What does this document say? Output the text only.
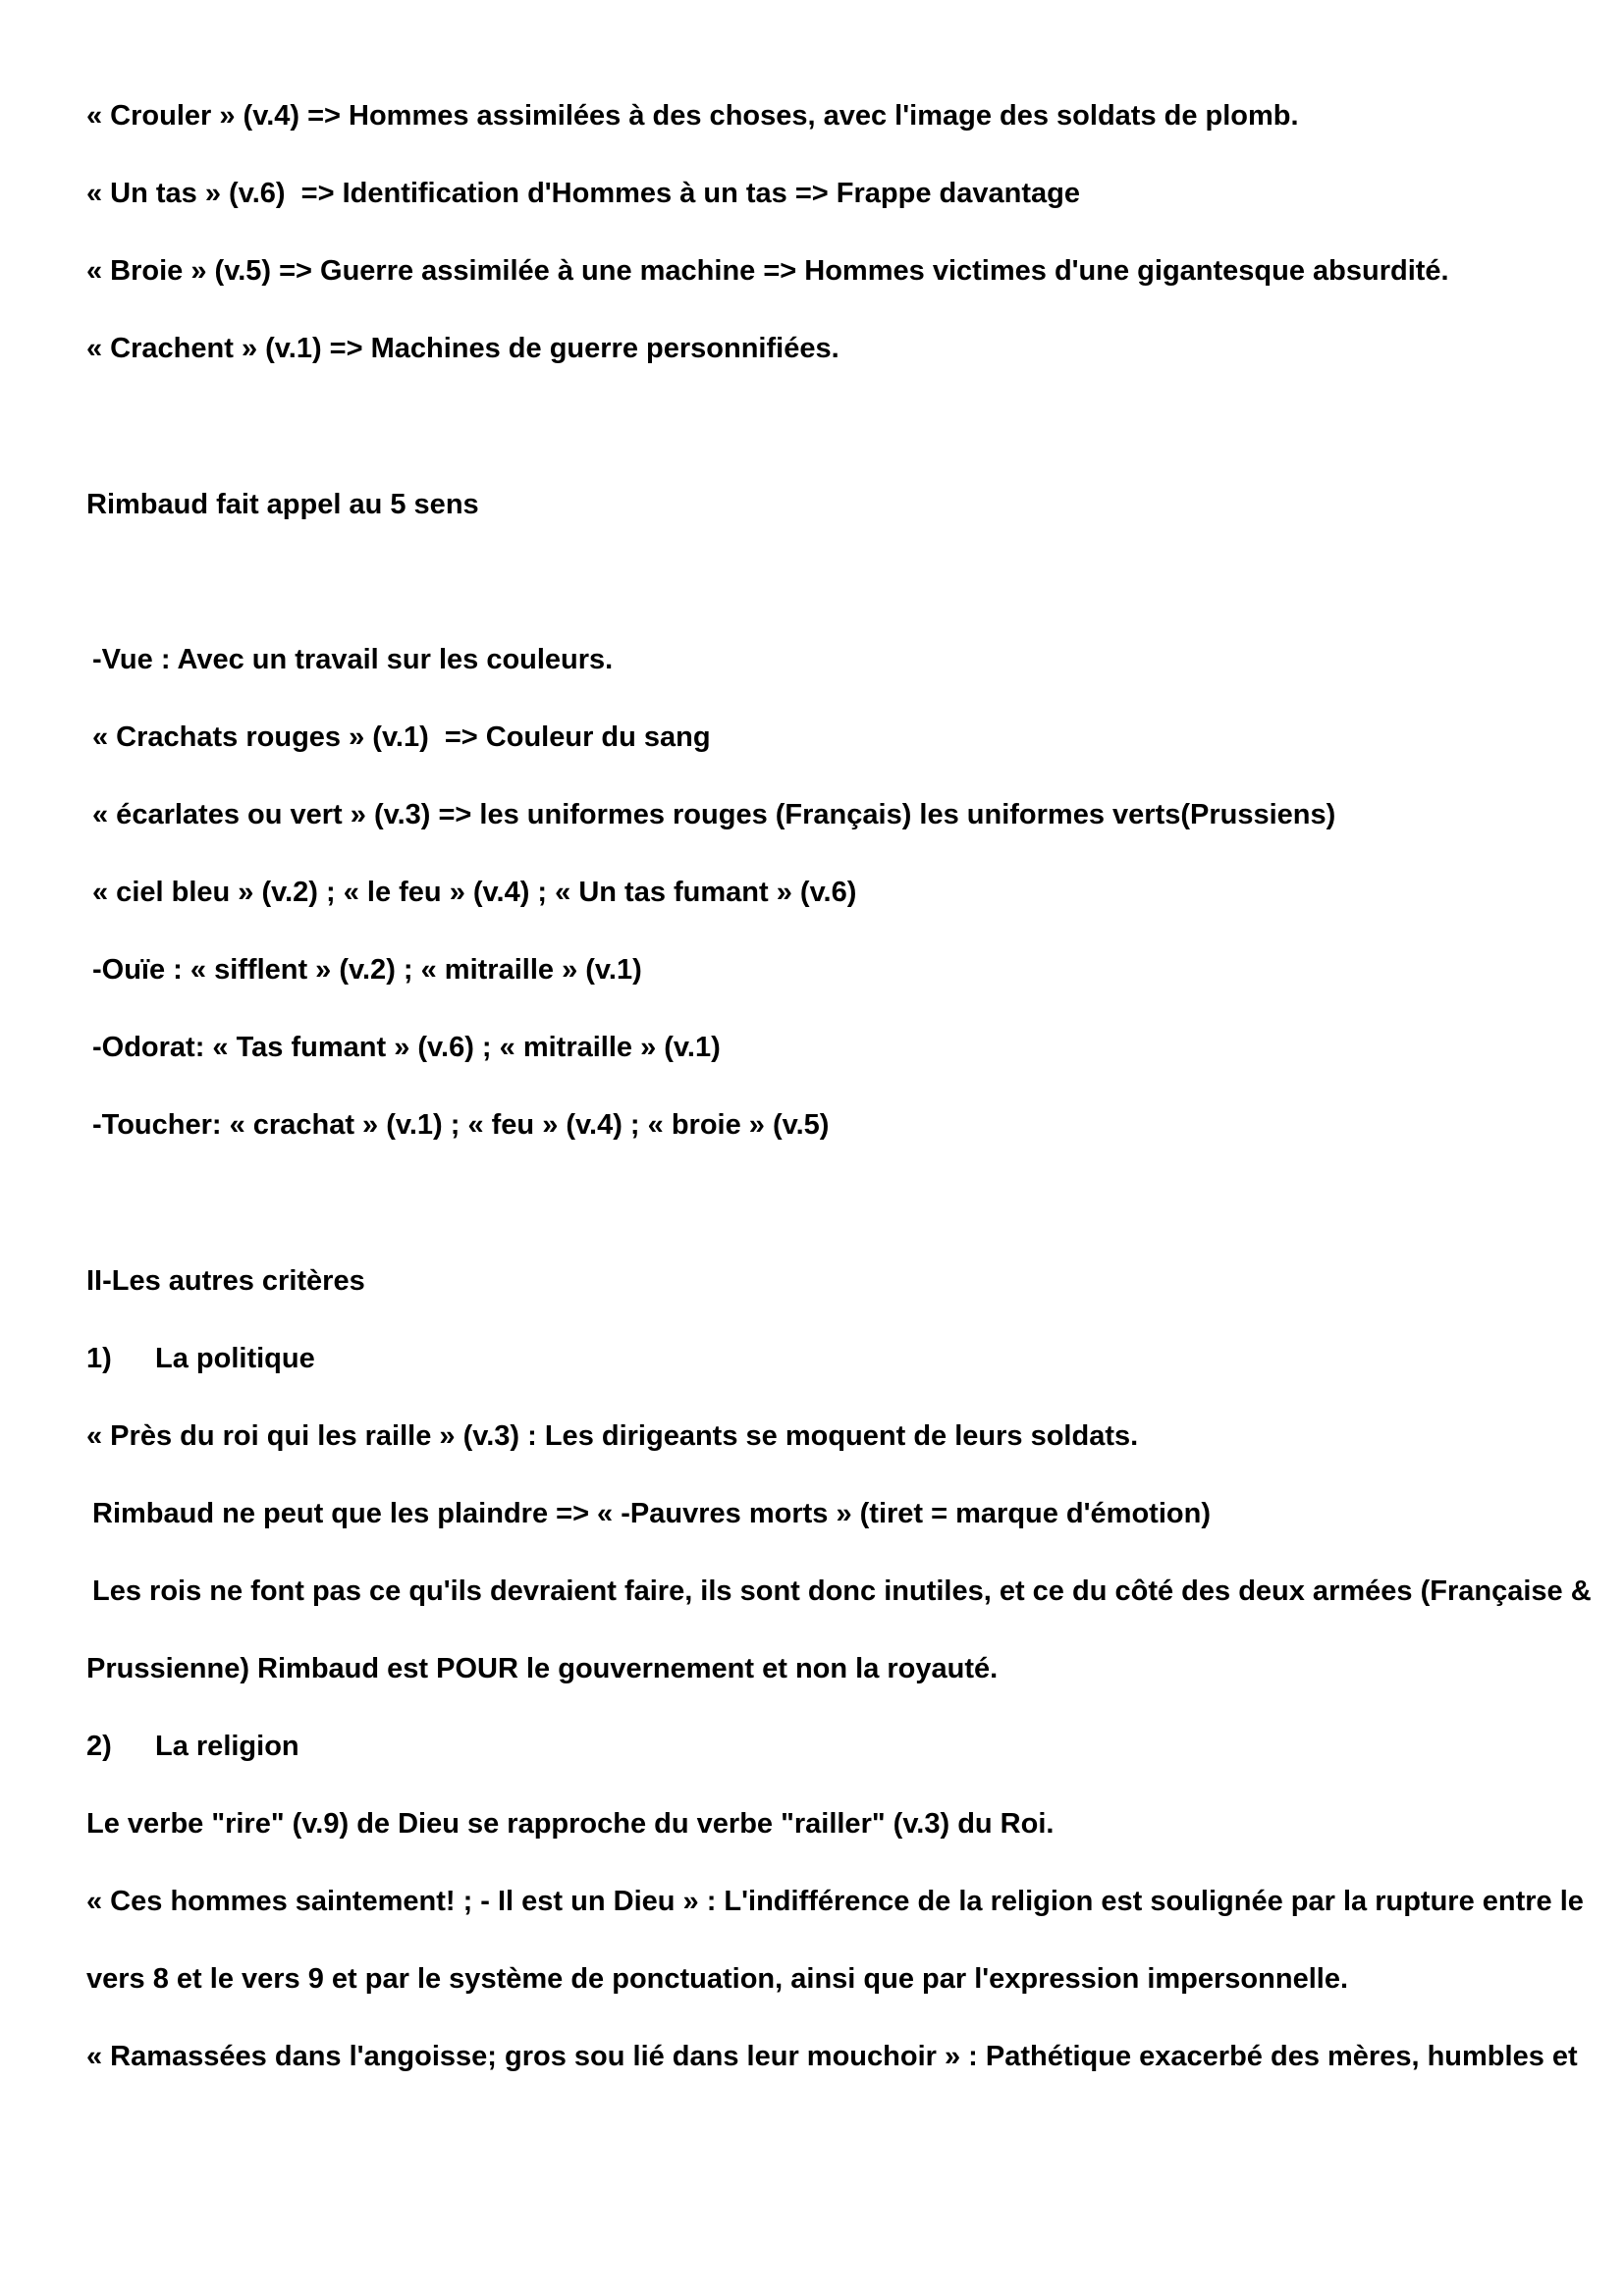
« Crouler » (v.4) => Hommes assimilées à des choses, avec l'image des soldats de plomb.
« Un tas » (v.6)  => Identification d'Hommes à un tas => Frappe davantage
« Broie » (v.5) => Guerre assimilée à une machine => Hommes victimes d'une gigantesque absurdité.
« Crachent » (v.1) => Machines de guerre personnifiées.
Rimbaud fait appel au 5 sens
-Vue : Avec un travail sur les couleurs.
« Crachats rouges » (v.1)  => Couleur du sang
« écarlates ou vert » (v.3) => les uniformes rouges (Français) les uniformes verts(Prussiens)
« ciel bleu » (v.2) ; « le feu » (v.4) ; « Un tas fumant » (v.6)
-Ouïe : « sifflent » (v.2) ; « mitraille » (v.1)
-Odorat: « Tas fumant » (v.6) ; « mitraille » (v.1)
-Toucher: « crachat » (v.1) ; « feu » (v.4) ; « broie » (v.5)
II-Les autres critères
1) La politique
« Près du roi qui les raille » (v.3) : Les dirigeants se moquent de leurs soldats.
Rimbaud ne peut que les plaindre => « -Pauvres morts » (tiret = marque d'émotion)
Les rois ne font pas ce qu'ils devraient faire, ils sont donc inutiles, et ce du côté des deux armées (Française &
Prussienne) Rimbaud est POUR le gouvernement et non la royauté.
2) La religion
Le verbe "rire" (v.9) de Dieu se rapproche du verbe "railler" (v.3) du Roi.
« Ces hommes saintement! ; - Il est un Dieu » : L'indifférence de la religion est soulignée par la rupture entre le
vers 8 et le vers 9 et par le système de ponctuation, ainsi que par l'expression impersonnelle.
« Ramassées dans l'angoisse; gros sou lié dans leur mouchoir » : Pathétique exacerbé des mères, humbles et
